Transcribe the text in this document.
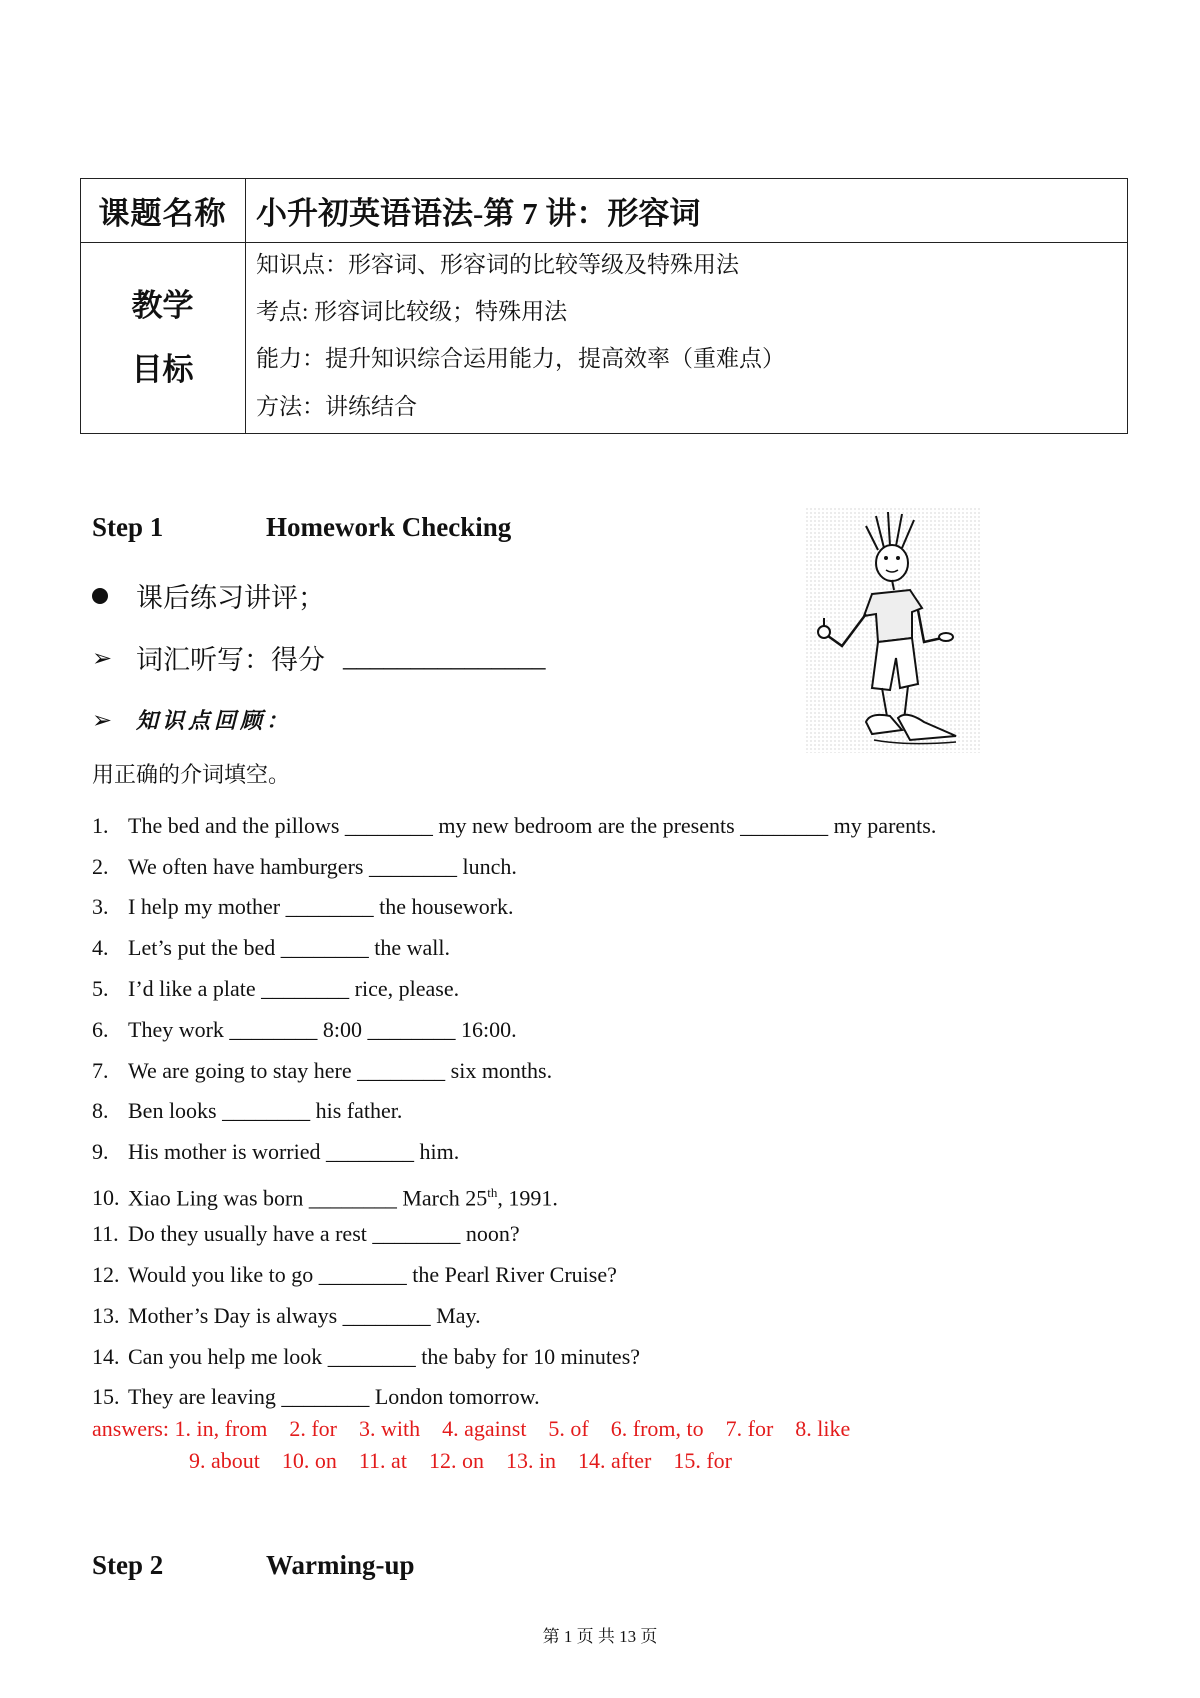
课题名称 小升初英语语法-第 7 讲：形容词
教学
目标
知识点：形容词、形容词的比较等级及特殊用法
考点: 形容词比较级；特殊用法
能力：提升知识综合运用能力，提高效率（重难点）
方法：讲练结合
Step 1	Homework Checking
课后练习讲评；
➢ 词汇听写：得分 _______________
➢	知识点回顾：
用正确的介词填空。
1. The bed and the pillows ________ my new bedroom are the presents ________ my parents.
2. We often have hamburgers ________ lunch.
3. I help my mother ________ the housework.
4. Let’s put the bed ________ the wall.
5. I’d like a plate ________ rice, please.
6. They work ________ 8:00 ________ 16:00.
7. We are going to stay here ________ six months.
8. Ben looks ________ his father.
9. His mother is worried ________ him.
10. Xiao Ling was born ________ March 25th, 1991.
11. Do they usually have a rest ________ noon?
12. Would you like to go ________ the Pearl River Cruise?
13. Mother’s Day is always ________ May.
14. Can you help me look ________ the baby for 10 minutes?
15. They are leaving ________ London tomorrow.
answers: 1. in, from    2. for    3. with    4. against    5. of    6. from, to    7. for    8. like
9. about    10. on    11. at    12. on    13. in    14. after    15. for
Step 2	Warming-up
第 1 页 共 13 页
